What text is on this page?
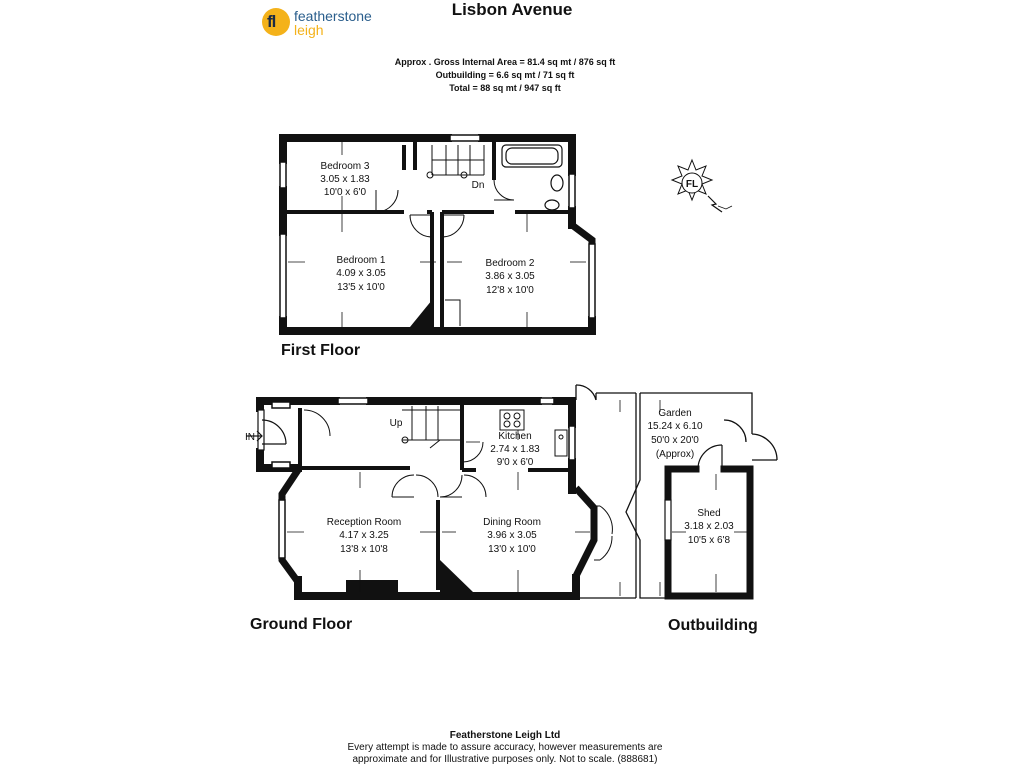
fl featherstone
leigh
Lisbon Avenue
Approx . Gross Internal Area = 81.4 sq mt / 876 sq ft
Outbuilding = 6.6 sq mt / 71 sq ft
Total = 88 sq mt / 947 sq ft
Bedroom 3
3.05 x 1.83
10'0 x 6'0
Bedroom 1
4.09 x 3.05
13'5 x 10'0
Bedroom 2
3.86 x 3.05
12'8 x 10'0
Dn
Kitchen
2.74 x 1.83
9'0 x 6'0
Reception Room
4.17 x 3.25
13'8 x 10'8
Dining Room
3.96 x 3.05
13'0 x 10'0
Up
IN
Garden
15.24 x 6.10
50'0 x 20'0
(Approx)
Shed
3.18 x 2.03
10'5 x 6'8
FL
First Floor
Ground Floor	Outbuilding
Featherstone Leigh Ltd
Every attempt is made to assure accuracy, however measurements are
approximate and for Illustrative purposes only. Not to scale. (888681)
